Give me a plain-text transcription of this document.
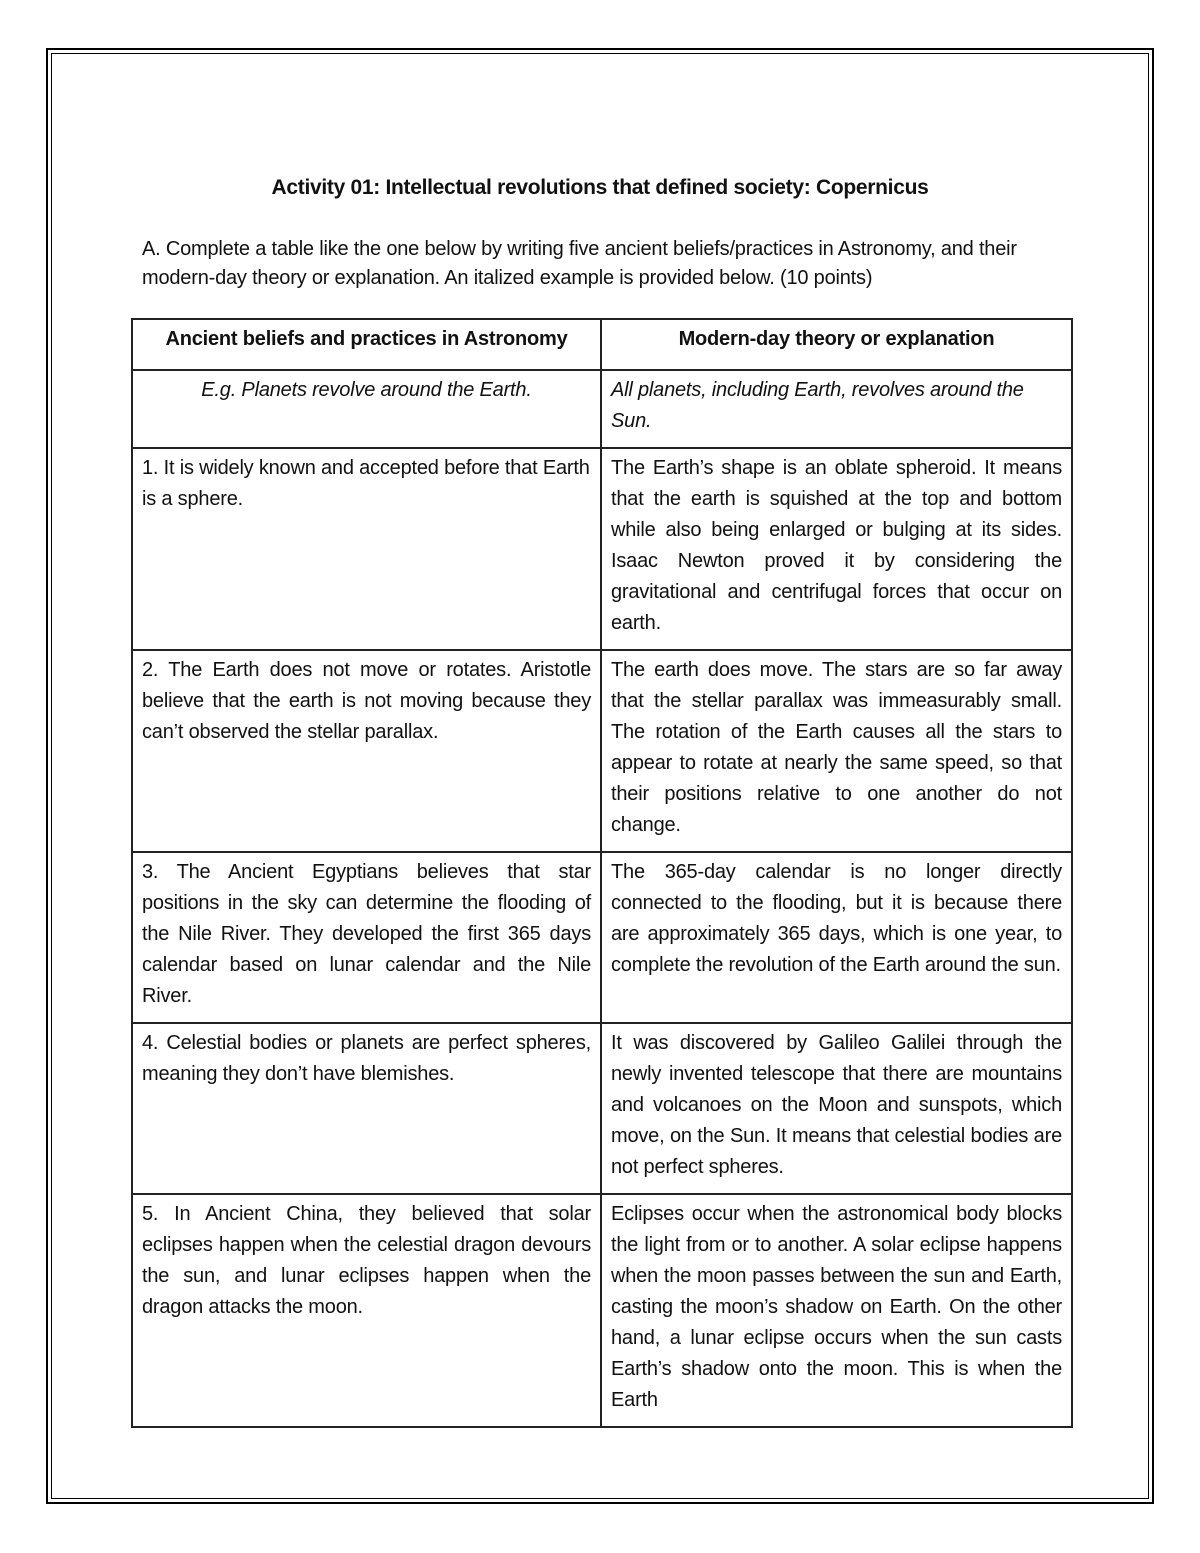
Activity 01: Intellectual revolutions that defined society: Copernicus
A. Complete a table like the one below by writing five ancient beliefs/practices in Astronomy, and their modern-day theory or explanation. An italized example is provided below. (10 points)
Ancient beliefs and practices in Astronomy	Modern-day theory or explanation
E.g. Planets revolve around the Earth.	All planets, including Earth, revolves around the Sun.
1. It is widely known and accepted before that Earth is a sphere.	The Earth’s shape is an oblate spheroid. It means that the earth is squished at the top and bottom while also being enlarged or bulging at its sides. Isaac Newton proved it by considering the gravitational and centrifugal forces that occur on earth.
2. The Earth does not move or rotates. Aristotle believe that the earth is not moving because they can’t observed the stellar parallax.	The earth does move. The stars are so far away that the stellar parallax was immeasurably small. The rotation of the Earth causes all the stars to appear to rotate at nearly the same speed, so that their positions relative to one another do not change.
3. The Ancient Egyptians believes that star positions in the sky can determine the flooding of the Nile River. They developed the first 365 days calendar based on lunar calendar and the Nile River.	The 365-day calendar is no longer directly connected to the flooding, but it is because there are approximately 365 days, which is one year, to complete the revolution of the Earth around the sun.
4. Celestial bodies or planets are perfect spheres, meaning they don’t have blemishes.	It was discovered by Galileo Galilei through the newly invented telescope that there are mountains and volcanoes on the Moon and sunspots, which move, on the Sun. It means that celestial bodies are not perfect spheres.
5. In Ancient China, they believed that solar eclipses happen when the celestial dragon devours the sun, and lunar eclipses happen when the dragon attacks the moon.	Eclipses occur when the astronomical body blocks the light from or to another. A solar eclipse happens when the moon passes between the sun and Earth, casting the moon’s shadow on Earth. On the other hand, a lunar eclipse occurs when the sun casts Earth’s shadow onto the moon. This is when the Earth
